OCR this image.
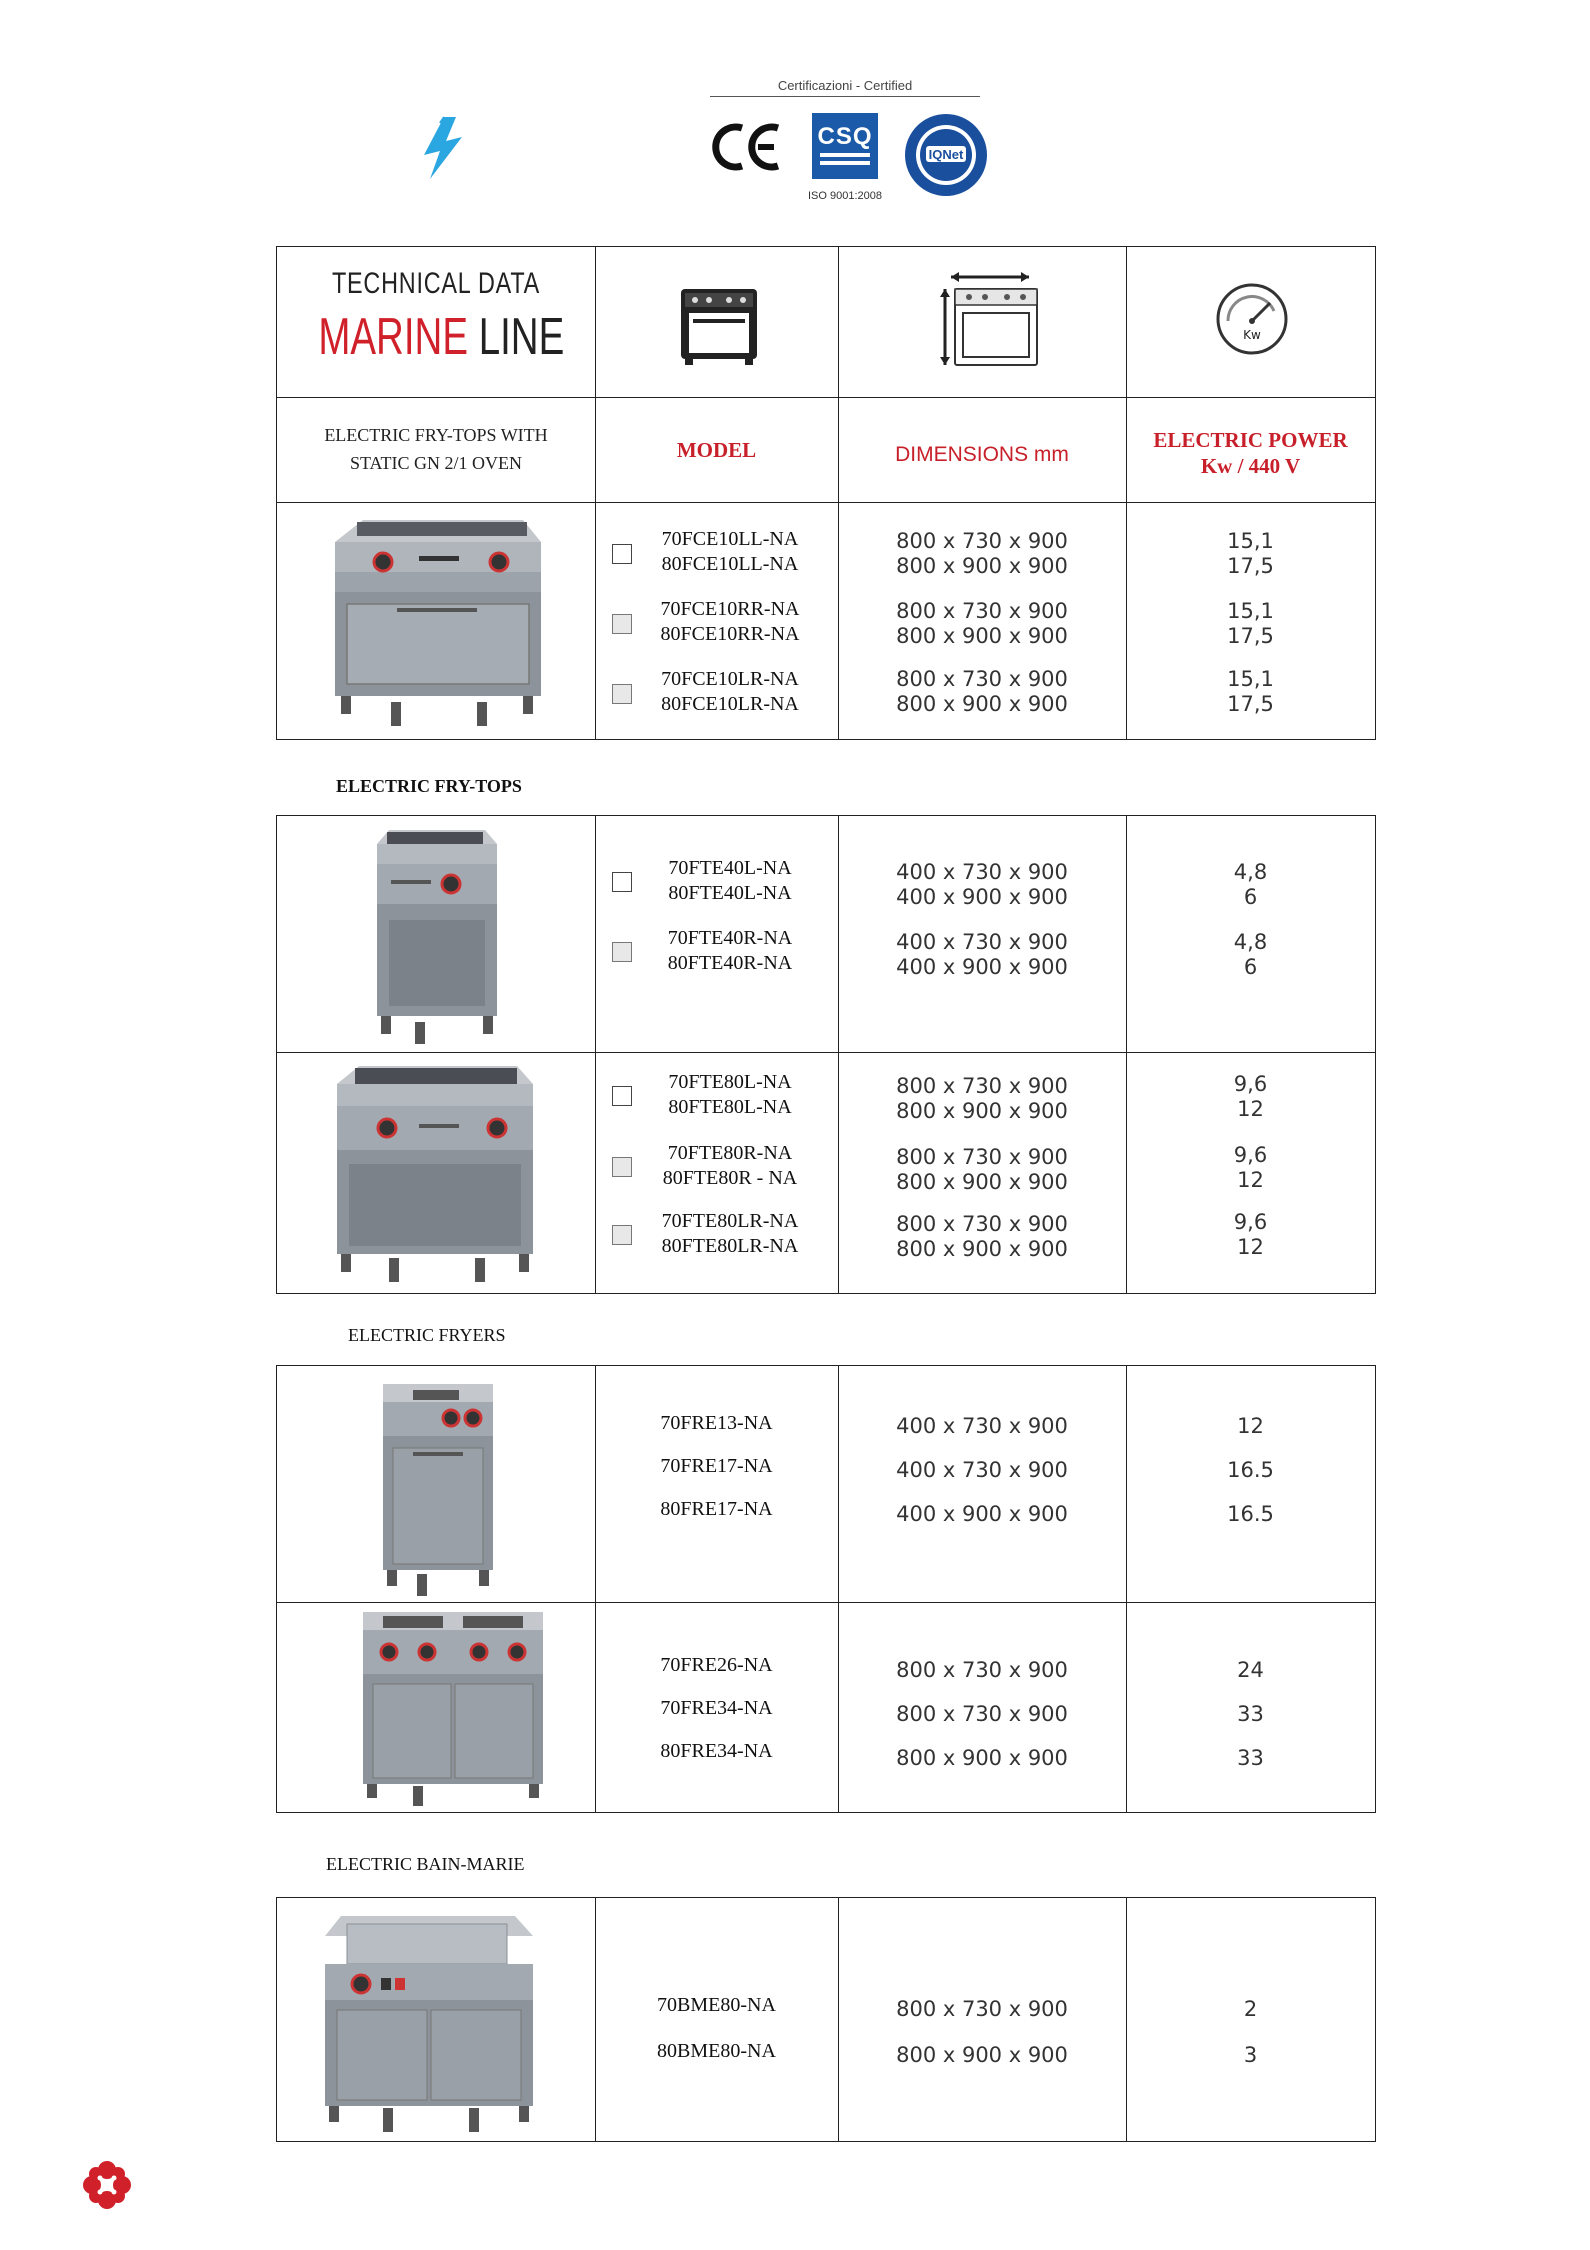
Certificazioni - Certified
CSQ
IQNet
ISO 9001:2008
TECHNICAL DATA
MARINE LINE	Kw
ELECTRIC FRY-TOPS WITH
STATIC GN 2/1 OVEN
MODEL	DIMENSIONS mm
ELECTRIC POWER
Kw / 440 V
70FCE10LL-NA
80FCE10LL-NA
800 x 730 x 900
800 x 900 x 900
15,1
17,5
70FCE10RR-NA
80FCE10RR-NA
800 x 730 x 900
800 x 900 x 900
15,1
17,5
70FCE10LR-NA
80FCE10LR-NA
800 x 730 x 900
800 x 900 x 900
15,1
17,5
ELECTRIC FRY-TOPS
70FTE40L-NA
80FTE40L-NA
400 x 730 x 900
400 x 900 x 900
4,8
6
70FTE40R-NA
80FTE40R-NA
400 x 730 x 900
400 x 900 x 900
4,8
6
70FTE80L-NA
80FTE80L-NA
800 x 730 x 900
800 x 900 x 900
9,6
12
70FTE80R-NA
80FTE80R - NA
800 x 730 x 900
800 x 900 x 900
9,6
12
70FTE80LR-NA
80FTE80LR-NA
800 x 730 x 900
800 x 900 x 900
9,6
12
ELECTRIC FRYERS
70FRE13-NA
70FRE17-NA
80FRE17-NA
400 x 730 x 900
400 x 730 x 900
400 x 900 x 900
12
16.5
16.5
70FRE26-NA
70FRE34-NA
80FRE34-NA
800 x 730 x 900
800 x 730 x 900
800 x 900 x 900
24
33
33
ELECTRIC BAIN-MARIE
70BME80-NA
80BME80-NA
800 x 730 x 900
800 x 900 x 900
2
3
